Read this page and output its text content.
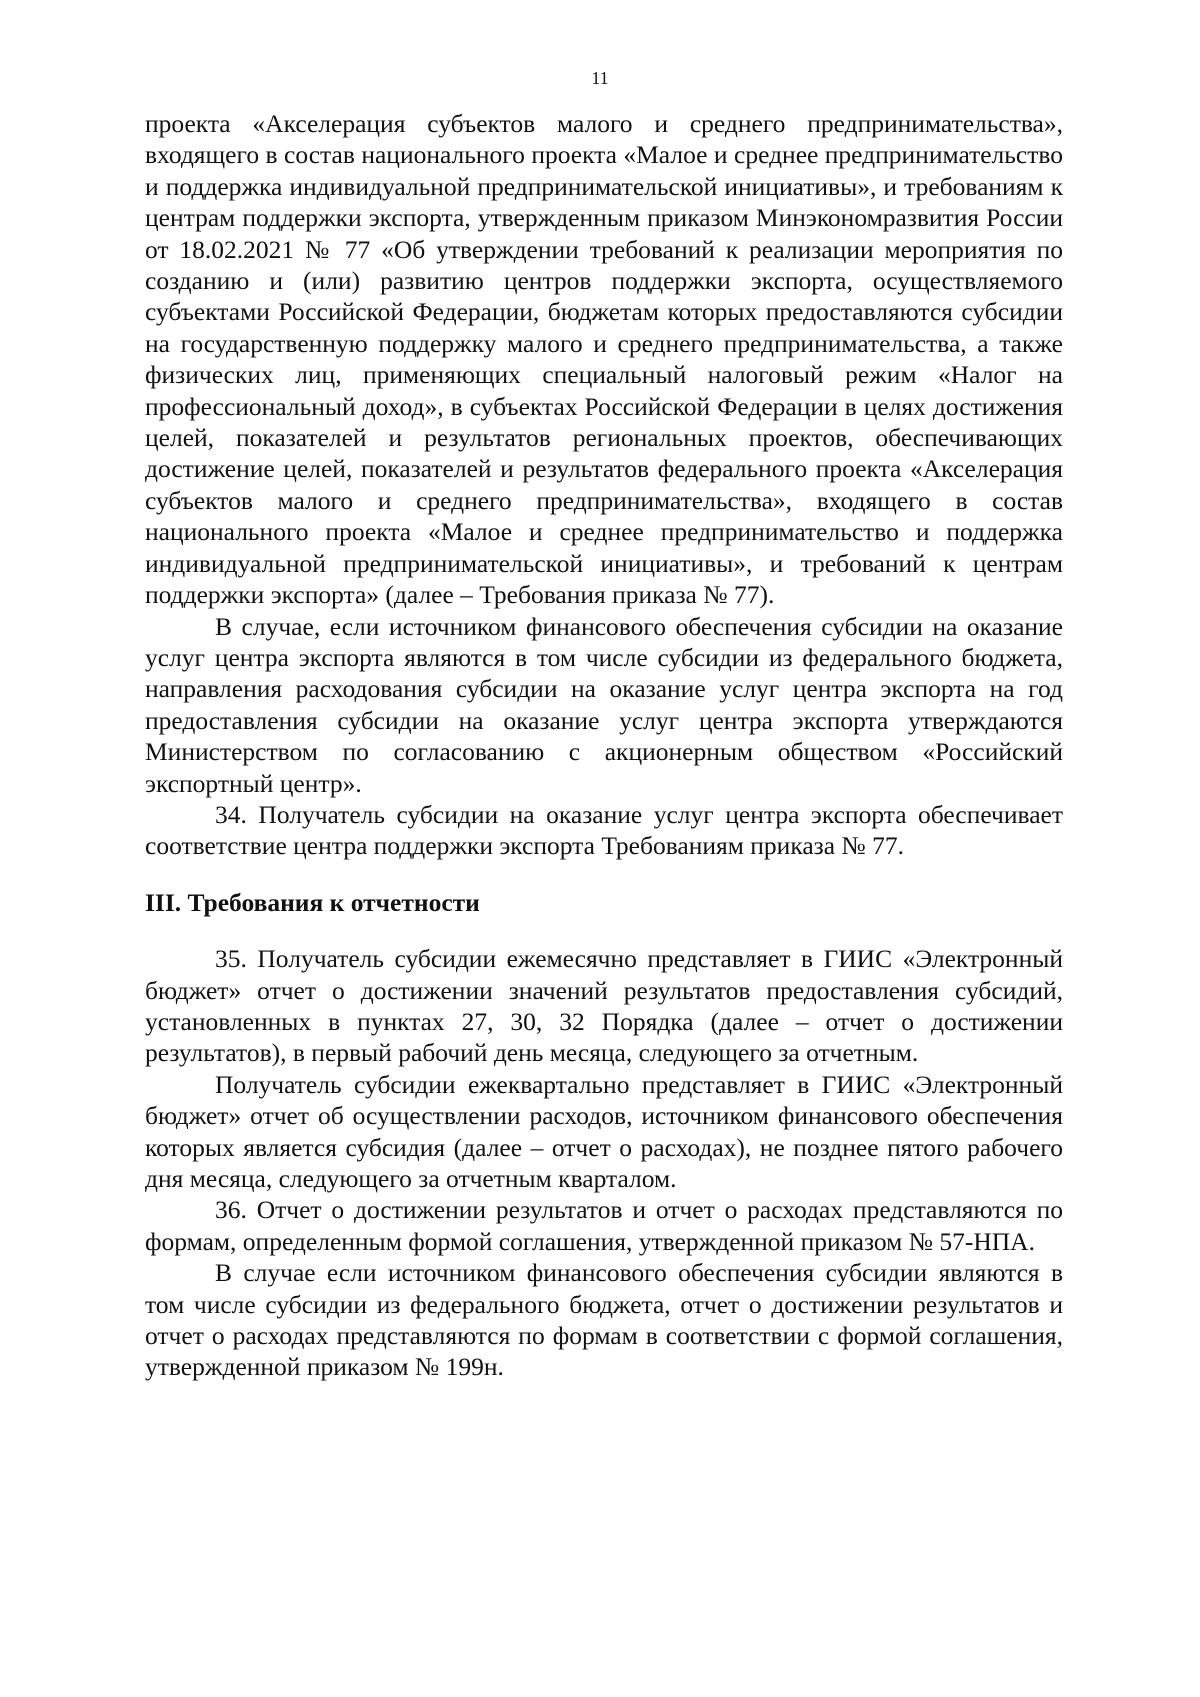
11

проекта «Акселерация субъектов малого и среднего предпринимательства», входящего в состав национального проекта «Малое и среднее предпринимательство и поддержка индивидуальной предпринимательской инициативы», и требованиям к центрам поддержки экспорта, утвержденным приказом Минэкономразвития России от 18.02.2021 № 77 «Об утверждении требований к реализации мероприятия по созданию и (или) развитию центров поддержки экспорта, осуществляемого субъектами Российской Федерации, бюджетам которых предоставляются субсидии на государственную поддержку малого и среднего предпринимательства, а также физических лиц, применяющих специальный налоговый режим «Налог на профессиональный доход», в субъектах Российской Федерации в целях достижения целей, показателей и результатов региональных проектов, обеспечивающих достижение целей, показателей и результатов федерального проекта «Акселерация субъектов малого и среднего предпринимательства», входящего в состав национального проекта «Малое и среднее предпринимательство и поддержка индивидуальной предпринимательской инициативы», и требований к центрам поддержки экспорта» (далее – Требования приказа № 77).

В случае, если источником финансового обеспечения субсидии на оказание услуг центра экспорта являются в том числе субсидии из федерального бюджета, направления расходования субсидии на оказание услуг центра экспорта на год предоставления субсидии на оказание услуг центра экспорта утверждаются Министерством по согласованию с акционерным обществом «Российский экспортный центр».

34. Получатель субсидии на оказание услуг центра экспорта обеспечивает соответствие центра поддержки экспорта Требованиям приказа № 77.

III. Требования к отчетности

35. Получатель субсидии ежемесячно представляет в ГИИС «Электронный бюджет» отчет о достижении значений результатов предоставления субсидий, установленных в пунктах 27, 30, 32 Порядка (далее – отчет о достижении результатов), в первый рабочий день месяца, следующего за отчетным.

Получатель субсидии ежеквартально представляет в ГИИС «Электронный бюджет» отчет об осуществлении расходов, источником финансового обеспечения которых является субсидия (далее – отчет о расходах), не позднее пятого рабочего дня месяца, следующего за отчетным кварталом.

36. Отчет о достижении результатов и отчет о расходах представляются по формам, определенным формой соглашения, утвержденной приказом № 57-НПА.

В случае если источником финансового обеспечения субсидии являются в том числе субсидии из федерального бюджета, отчет о достижении результатов и отчет о расходах представляются по формам в соответствии с формой соглашения, утвержденной приказом № 199н.
